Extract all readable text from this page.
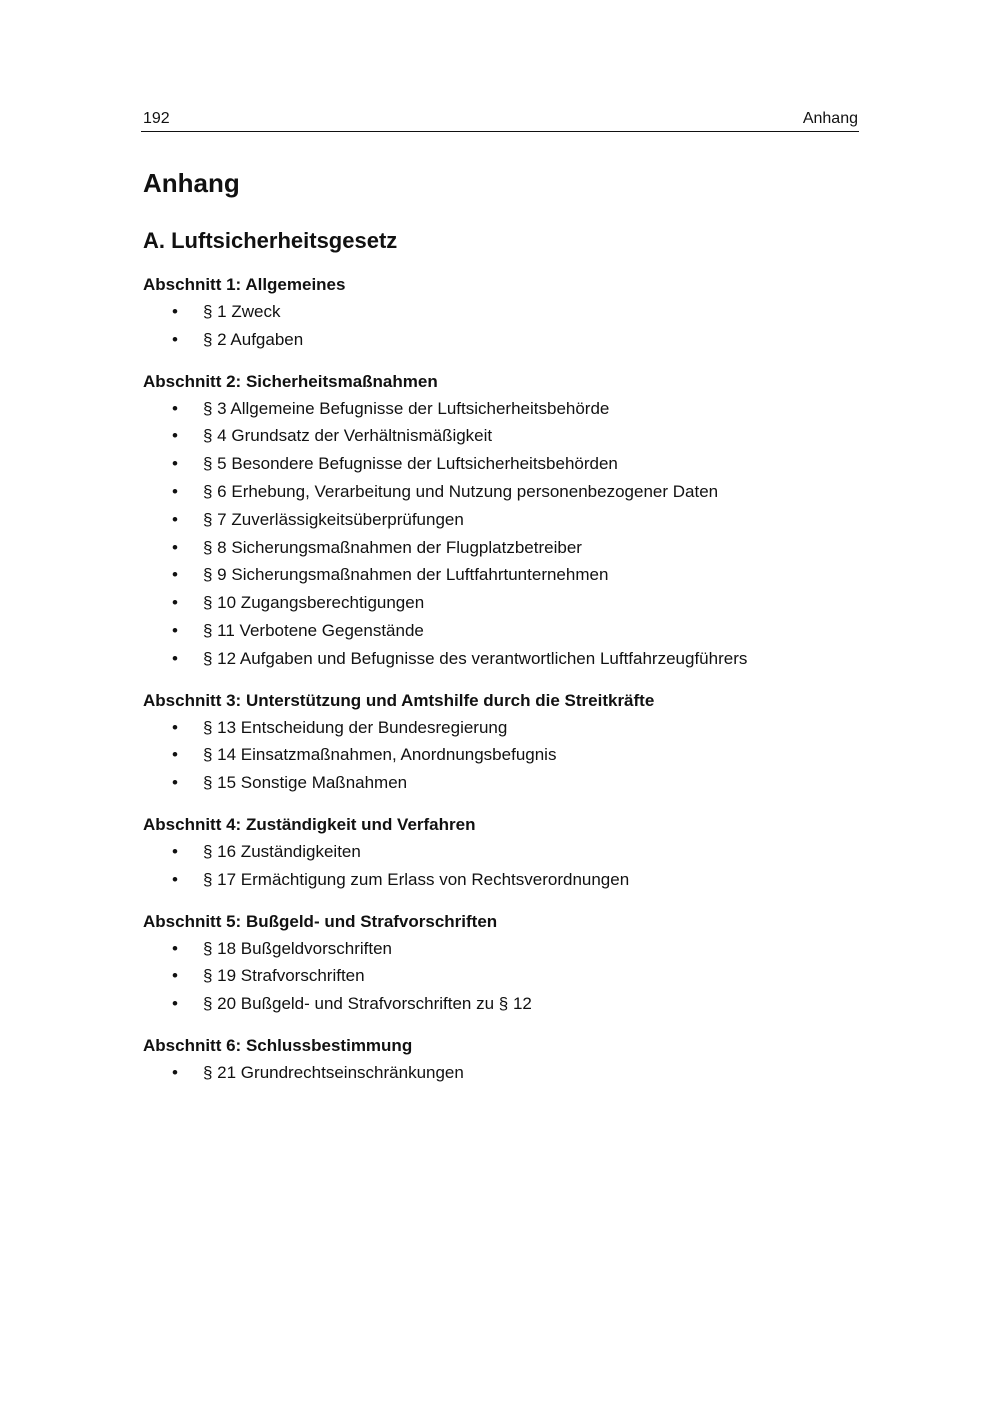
192	Anhang
Anhang
A. Luftsicherheitsgesetz
Abschnitt 1: Allgemeines
• § 1 Zweck
• § 2 Aufgaben
Abschnitt 2: Sicherheitsmaßnahmen
• § 3 Allgemeine Befugnisse der Luftsicherheitsbehörde
• § 4 Grundsatz der Verhältnismäßigkeit
• § 5 Besondere Befugnisse der Luftsicherheitsbehörden
• § 6 Erhebung, Verarbeitung und Nutzung personenbezogener Daten
• § 7 Zuverlässigkeitsüberprüfungen
• § 8 Sicherungsmaßnahmen der Flugplatzbetreiber
• § 9 Sicherungsmaßnahmen der Luftfahrtunternehmen
• § 10 Zugangsberechtigungen
• § 11 Verbotene Gegenstände
• § 12 Aufgaben und Befugnisse des verantwortlichen Luftfahrzeugführers
Abschnitt 3: Unterstützung und Amtshilfe durch die Streitkräfte
• § 13 Entscheidung der Bundesregierung
• § 14 Einsatzmaßnahmen, Anordnungsbefugnis
• § 15 Sonstige Maßnahmen
Abschnitt 4: Zuständigkeit und Verfahren
• § 16 Zuständigkeiten
• § 17 Ermächtigung zum Erlass von Rechtsverordnungen
Abschnitt 5: Bußgeld- und Strafvorschriften
• § 18 Bußgeldvorschriften
• § 19 Strafvorschriften
• § 20 Bußgeld- und Strafvorschriften zu § 12
Abschnitt 6: Schlussbestimmung
• § 21 Grundrechtseinschränkungen
